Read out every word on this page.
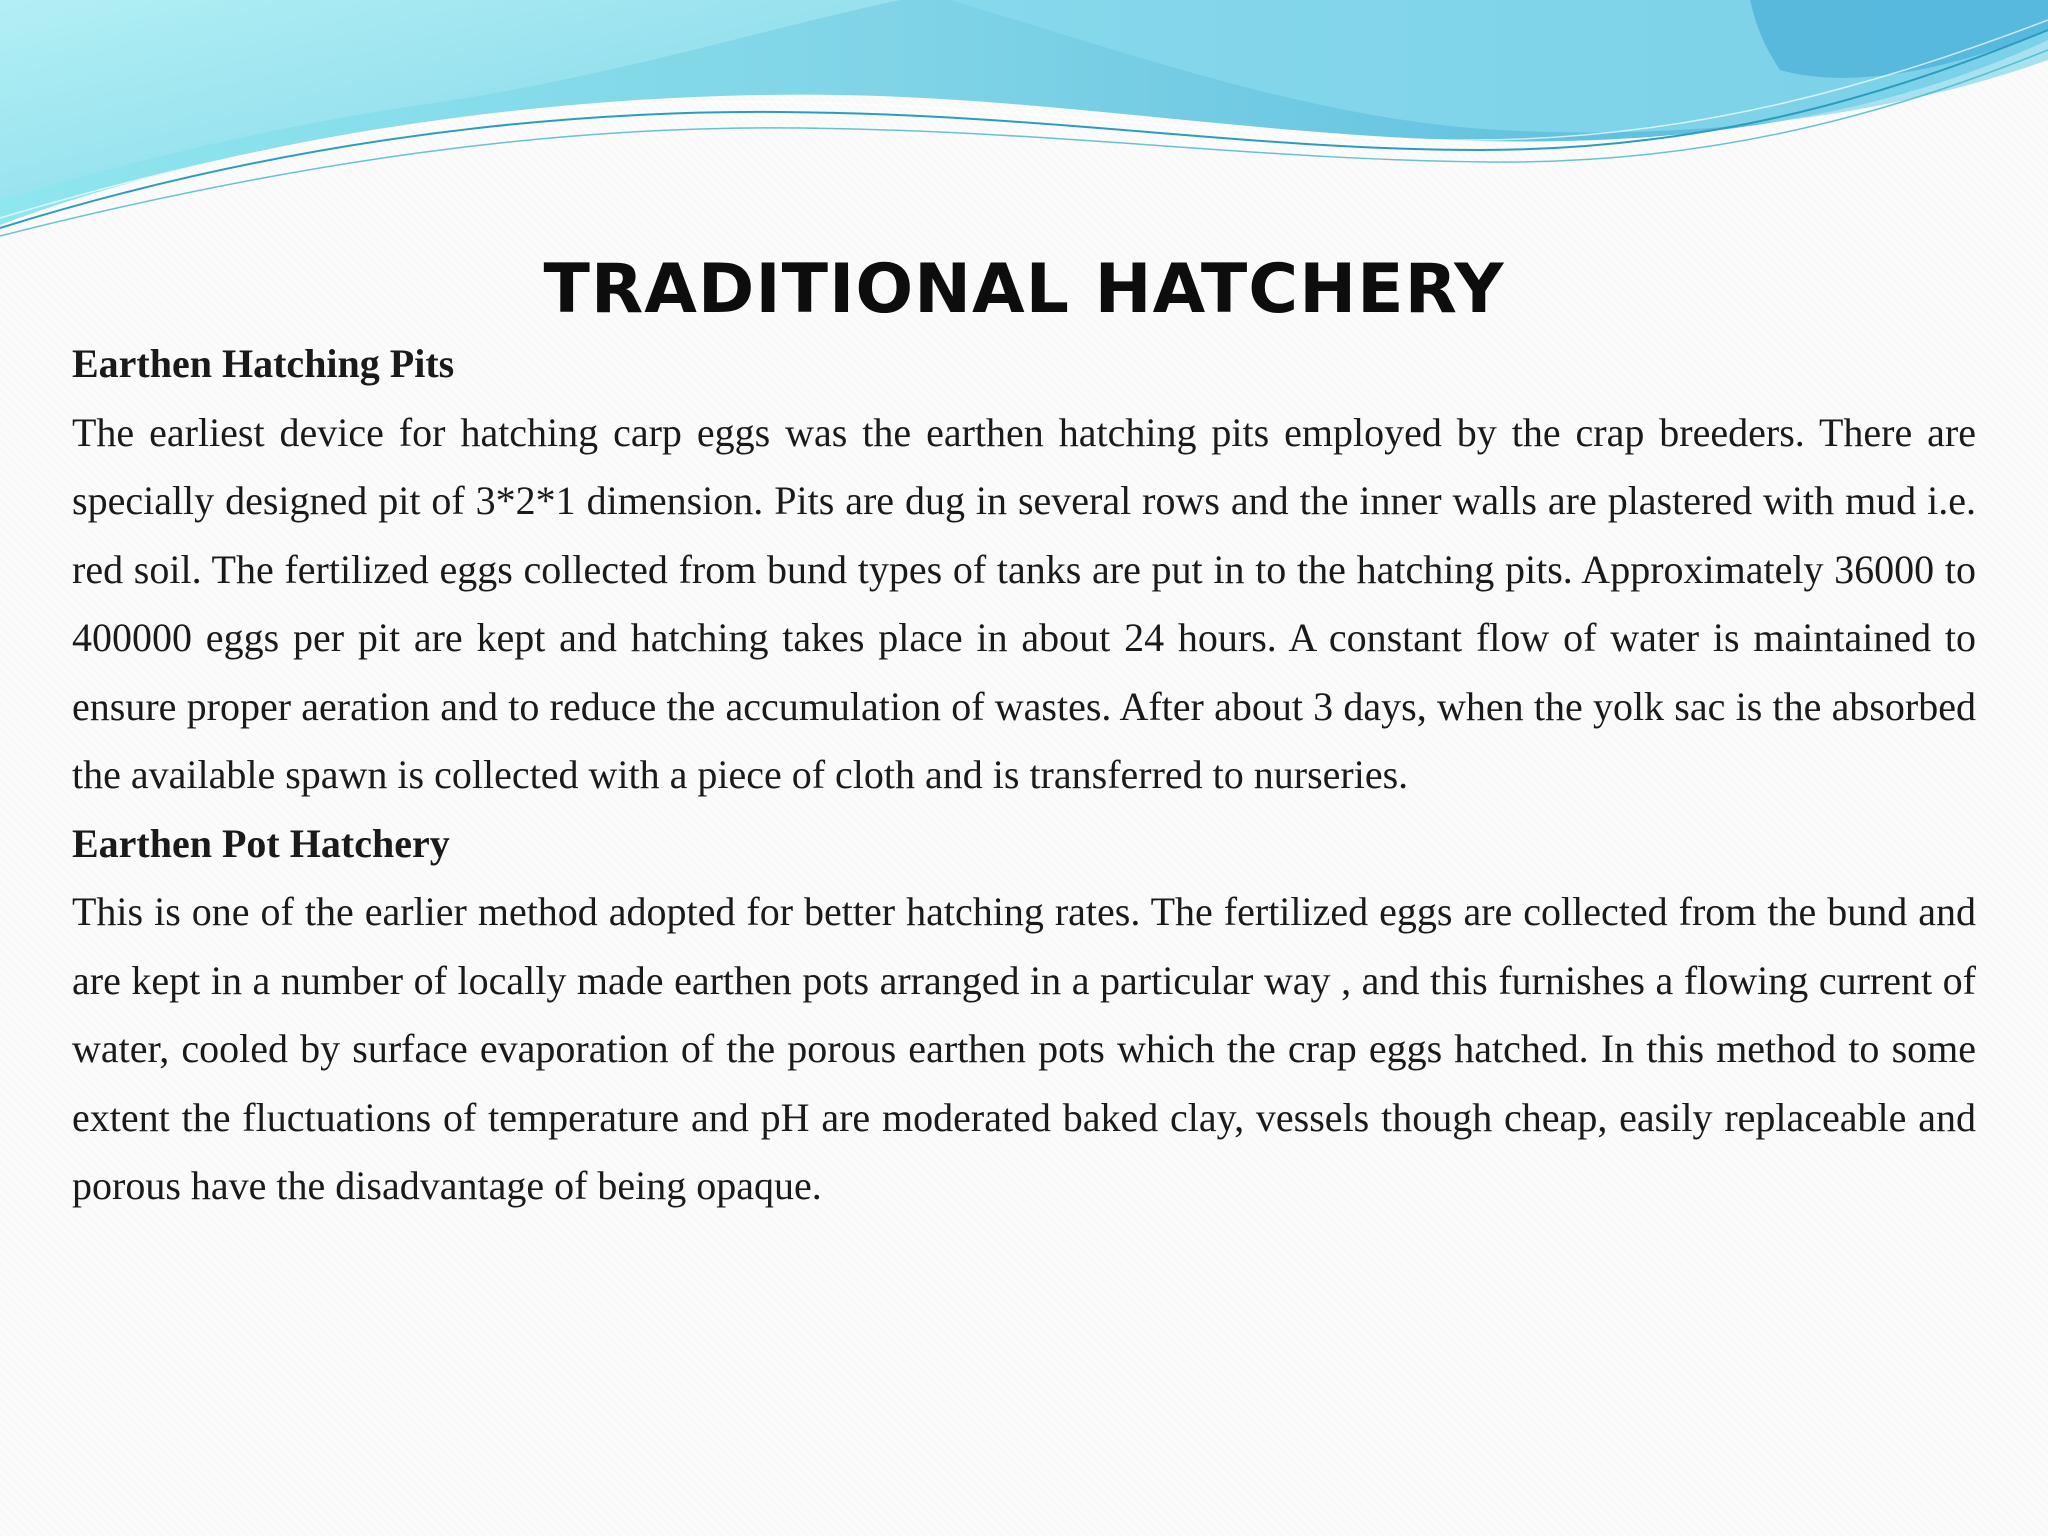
TRADITIONAL HATCHERY

Earthen Hatching Pits

The earliest device for hatching carp eggs was the earthen hatching pits employed by the crap breeders. There are specially designed pit of 3*2*1 dimension. Pits are dug in several rows and the inner walls are plastered with mud i.e. red soil. The fertilized eggs collected from bund types of tanks are put in to the hatching pits. Approximately 36000 to 400000 eggs per pit are kept and hatching takes place in about 24 hours. A constant flow of water is maintained to ensure proper aeration and to reduce the accumulation of wastes. After about 3 days, when the yolk sac is the absorbed the available spawn is collected with a piece of cloth and is transferred to nurseries.

Earthen Pot Hatchery

This is one of the earlier method adopted for better hatching rates. The fertilized eggs are collected from the bund and are kept in a number of locally made earthen pots arranged in a particular way , and this furnishes a flowing current of water, cooled by surface evaporation of the porous earthen pots which the crap eggs hatched. In this method to some extent the fluctuations of temperature and pH are moderated baked clay, vessels though cheap, easily replaceable and porous have the disadvantage of being opaque.
